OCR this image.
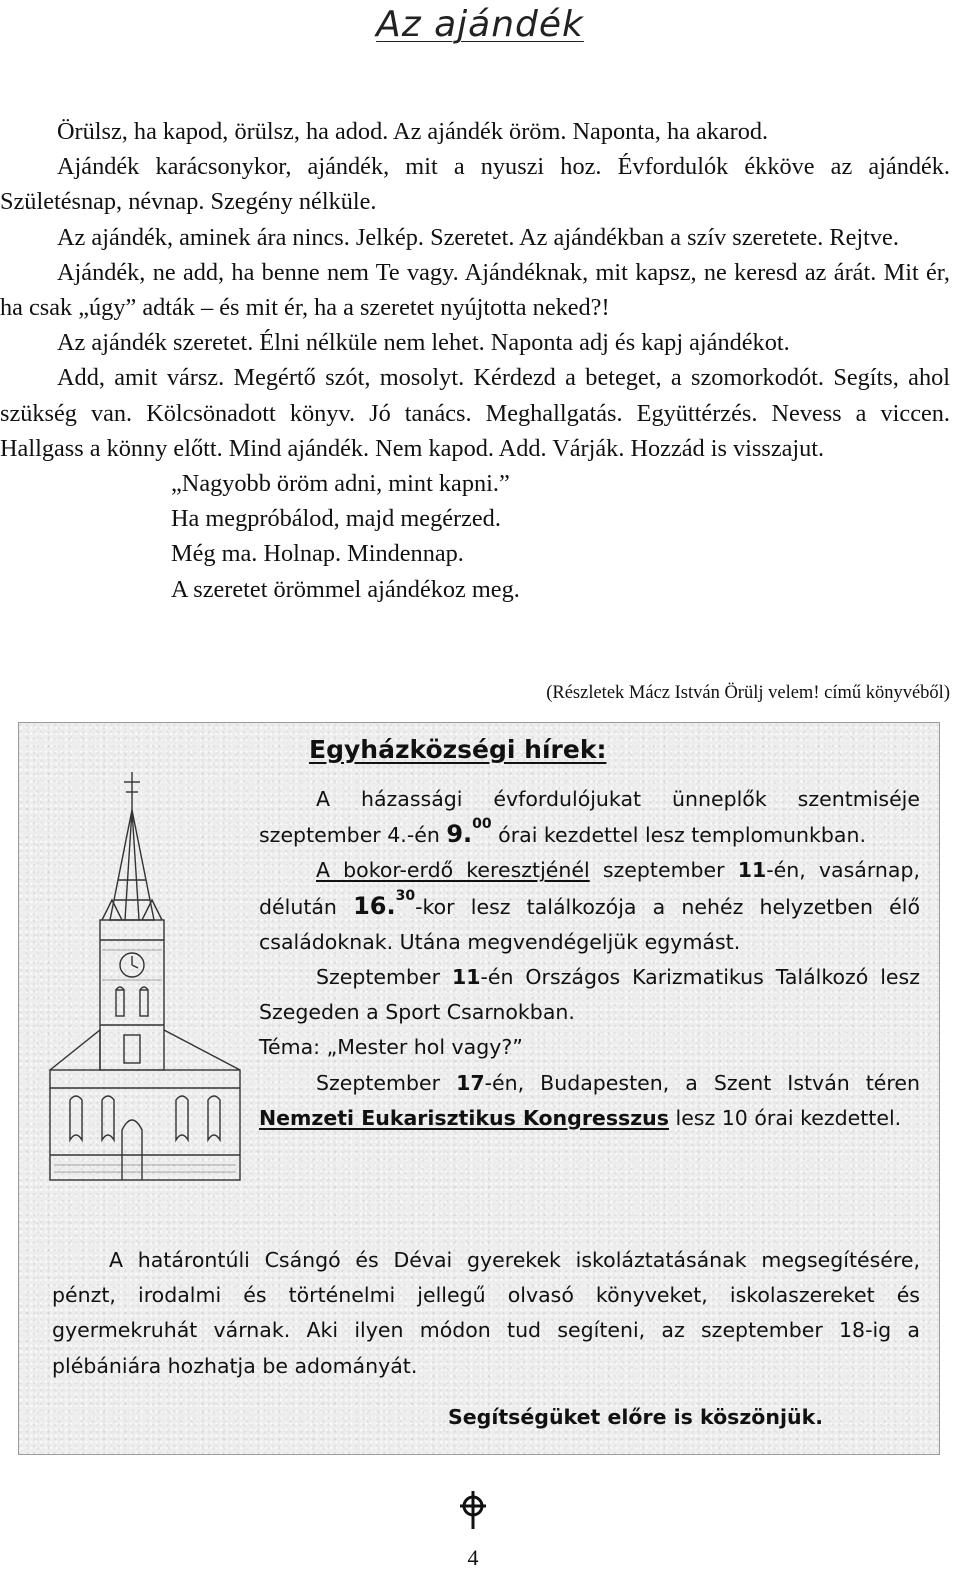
Az ajándék

Örülsz, ha kapod, örülsz, ha adod. Az ajándék öröm. Naponta, ha akarod.

Ajándék karácsonykor, ajándék, mit a nyuszi hoz. Évfordulók ékköve az ajándék. Születésnap, névnap. Szegény nélküle.

Az ajándék, aminek ára nincs. Jelkép. Szeretet. Az ajándékban a szív szeretete. Rejtve.

Ajándék, ne add, ha benne nem Te vagy. Ajándéknak, mit kapsz, ne keresd az árát. Mit ér, ha csak „úgy” adták – és mit ér, ha a szeretet nyújtotta neked?!

Az ajándék szeretet. Élni nélküle nem lehet. Naponta adj és kapj ajándékot.

Add, amit vársz. Megértő szót, mosolyt. Kérdezd a beteget, a szomorkodót. Segíts, ahol szükség van. Kölcsönadott könyv. Jó tanács. Meghallgatás. Együttérzés. Nevess a viccen. Hallgass a könny előtt. Mind ajándék. Nem kapod. Add. Várják. Hozzád is visszajut.

„Nagyobb öröm adni, mint kapni.”

Ha megpróbálod, majd megérzed.

Még ma. Holnap. Mindennap.

A szeretet örömmel ajándékoz meg.

(Részletek Mácz István Örülj velem! című könyvéből)
Egyházközségi hírek:

A házassági évfordulójukat ünneplők szentmiséje szeptember 4.-én 9.00 órai kezdettel lesz templomunkban.

A bokor-erdő keresztjénél szeptember 11-én, vasárnap, délután 16.30-kor lesz találkozója a nehéz helyzetben élő családoknak. Utána megvendégeljük egymást.

Szeptember 11-én Országos Karizmatikus Találkozó lesz Szegeden a Sport Csarnokban.

Téma: „Mester hol vagy?”

Szeptember 17-én, Budapesten, a Szent István téren Nemzeti Eukarisztikus Kongresszus lesz 10 órai kezdettel.

A határontúli Csángó és Dévai gyerekek iskoláztatásának megsegítésére, pénzt, irodalmi és történelmi jellegű olvasó könyveket, iskolaszereket és gyermekruhát várnak. Aki ilyen módon tud segíteni, az szeptember 18-ig a plébániára hozhatja be adományát.

Segítségüket előre is köszönjük.
4
